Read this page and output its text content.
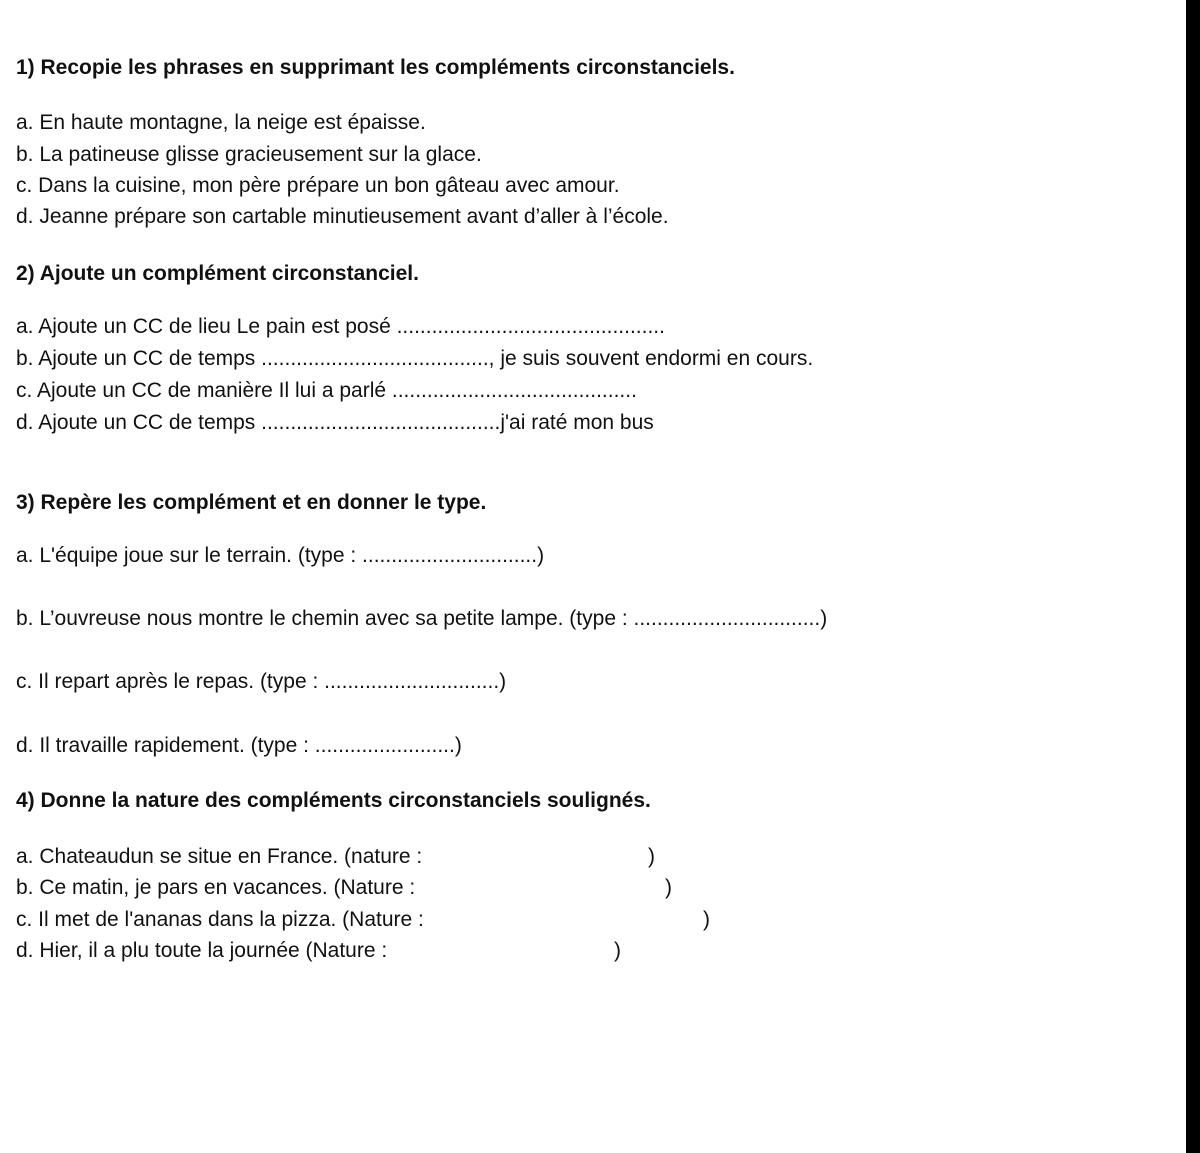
1) Recopie les phrases en supprimant les compléments circonstanciels.
a. En haute montagne, la neige est épaisse.
b. La patineuse glisse gracieusement sur la glace.
c. Dans la cuisine, mon père prépare un bon gâteau avec amour.
d. Jeanne prépare son cartable minutieusement avant d’aller à l’école.
2) Ajoute un complément circonstanciel.
a. Ajoute un CC de lieu Le pain est posé ..............................................
b. Ajoute un CC de temps ......................................., je suis souvent endormi en cours.
c. Ajoute un CC de manière Il lui a parlé ..........................................
d. Ajoute un CC de temps .........................................j'ai raté mon bus
3) Repère les complément et en donner le type.
a. L'équipe joue sur le terrain. (type : ..............................)
b. L’ouvreuse nous montre le chemin avec sa petite lampe. (type : ................................)
c. Il repart après le repas. (type : ..............................)
d. Il travaille rapidement. (type : ........................)
4) Donne la nature des compléments circonstanciels soulignés.
a. Chateaudun se situe en France. (nature :	)
b. Ce matin, je pars en vacances. (Nature :	)
c. Il met de l'ananas dans la pizza. (Nature :	)
d. Hier, il a plu toute la journée (Nature :	)
